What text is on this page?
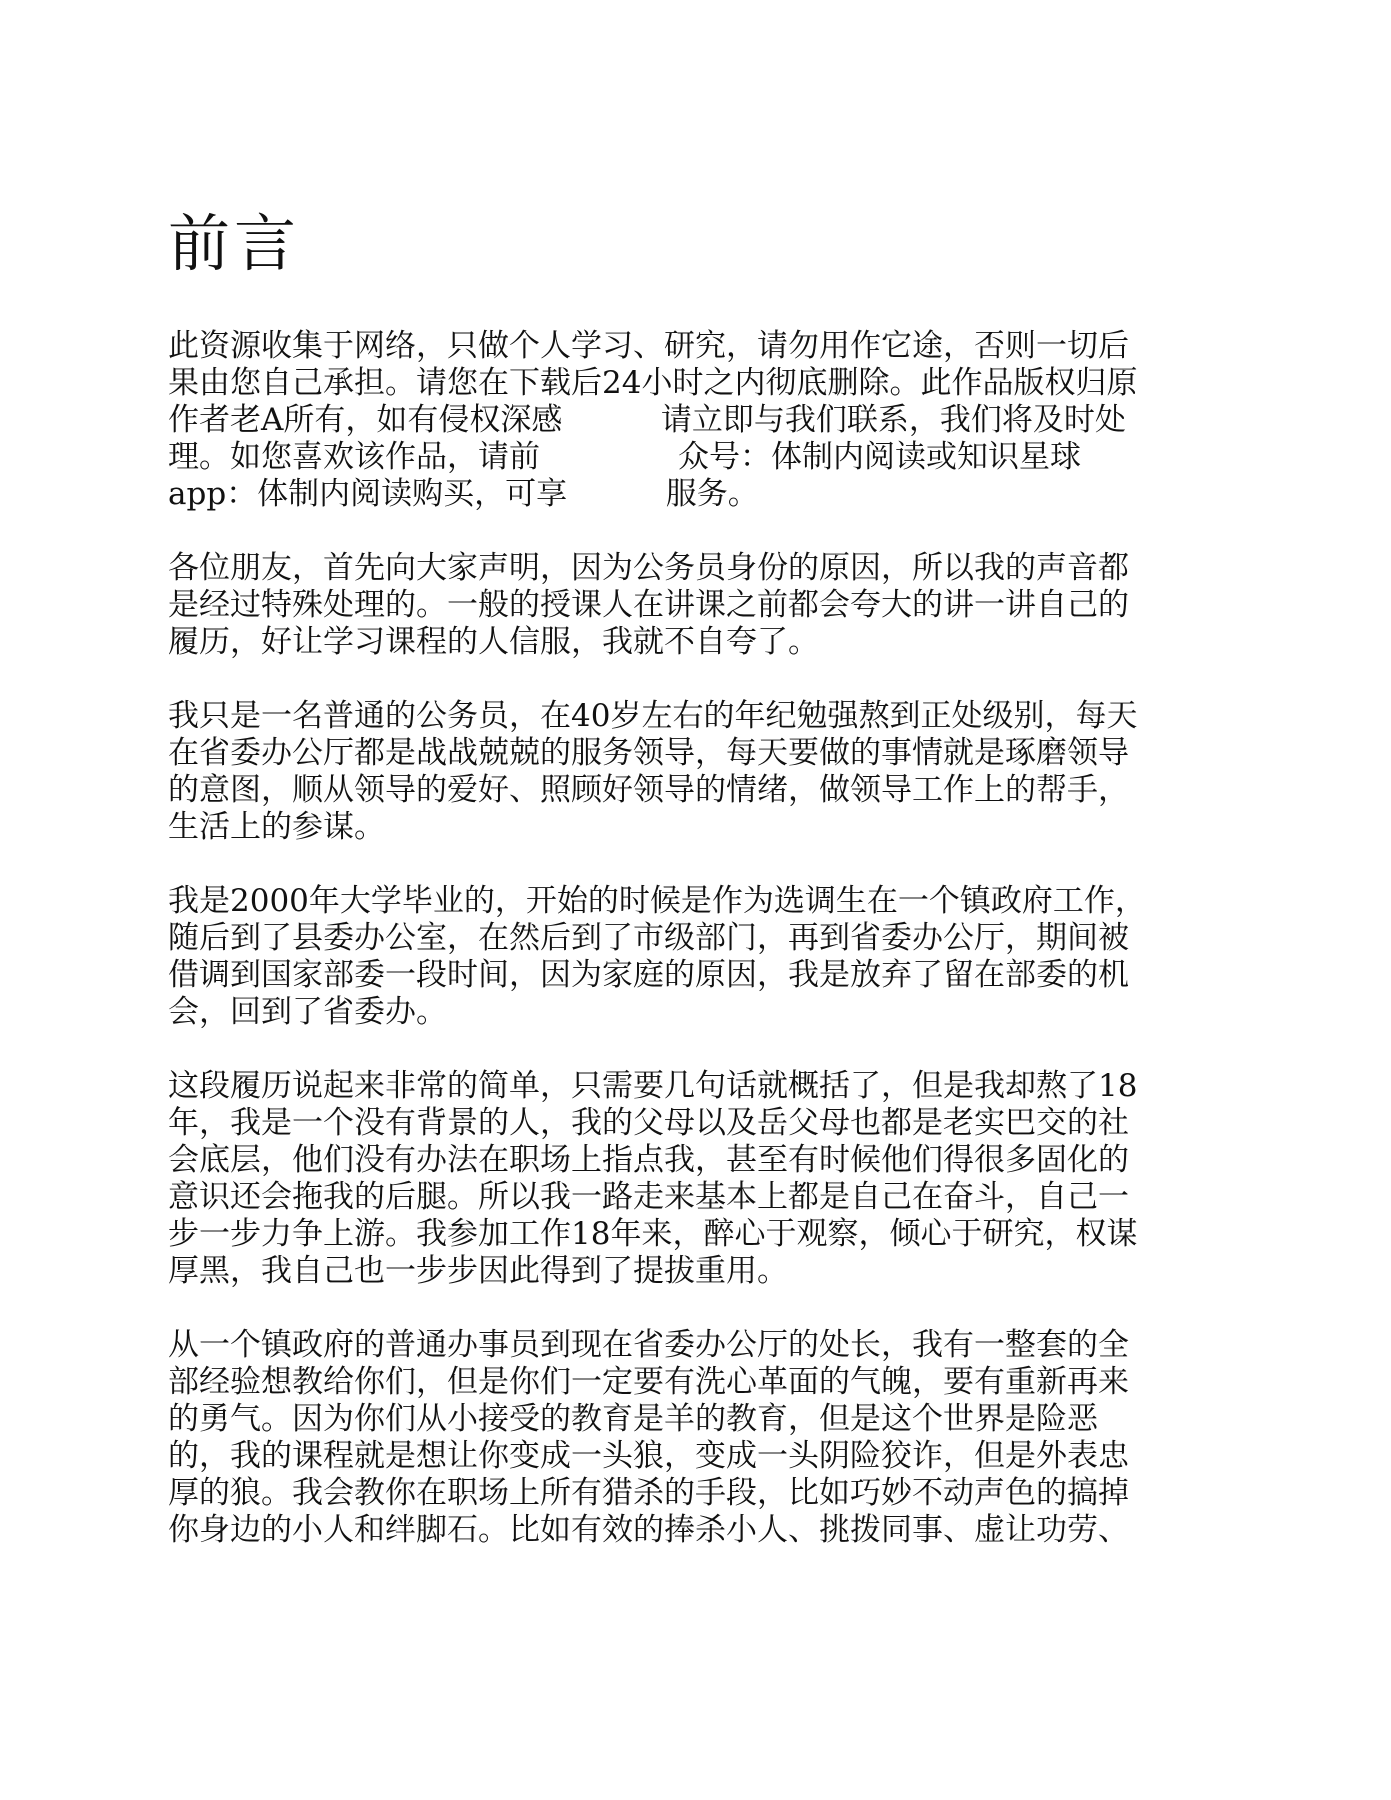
前言

此资源收集于网络，只做个人学习、研究，请勿用作它途，否则一切后
果由您自己承担。请您在下载后24小时之内彻底删除。此作品版权归原
作者老A所有，如有侵权深感          请立即与我们联系，我们将及时处
理。如您喜欢该作品，请前              众号：体制内阅读或知识星球
app：体制内阅读购买，可享          服务。

各位朋友，首先向大家声明，因为公务员身份的原因，所以我的声音都
是经过特殊处理的。一般的授课人在讲课之前都会夸大的讲一讲自己的
履历，好让学习课程的人信服，我就不自夸了。

我只是一名普通的公务员，在40岁左右的年纪勉强熬到正处级别，每天
在省委办公厅都是战战兢兢的服务领导，每天要做的事情就是琢磨领导
的意图，顺从领导的爱好、照顾好领导的情绪，做领导工作上的帮手，
生活上的参谋。

我是2000年大学毕业的，开始的时候是作为选调生在一个镇政府工作，
随后到了县委办公室，在然后到了市级部门，再到省委办公厅，期间被
借调到国家部委一段时间，因为家庭的原因，我是放弃了留在部委的机
会，回到了省委办。

这段履历说起来非常的简单，只需要几句话就概括了，但是我却熬了18
年，我是一个没有背景的人，我的父母以及岳父母也都是老实巴交的社
会底层，他们没有办法在职场上指点我，甚至有时候他们得很多固化的
意识还会拖我的后腿。所以我一路走来基本上都是自己在奋斗，自己一
步一步力争上游。我参加工作18年来，醉心于观察，倾心于研究，权谋
厚黑，我自己也一步步因此得到了提拔重用。

从一个镇政府的普通办事员到现在省委办公厅的处长，我有一整套的全
部经验想教给你们，但是你们一定要有洗心革面的气魄，要有重新再来
的勇气。因为你们从小接受的教育是羊的教育，但是这个世界是险恶
的，我的课程就是想让你变成一头狼，变成一头阴险狡诈，但是外表忠
厚的狼。我会教你在职场上所有猎杀的手段，比如巧妙不动声色的搞掉
你身边的小人和绊脚石。比如有效的捧杀小人、挑拨同事、虚让功劳、
